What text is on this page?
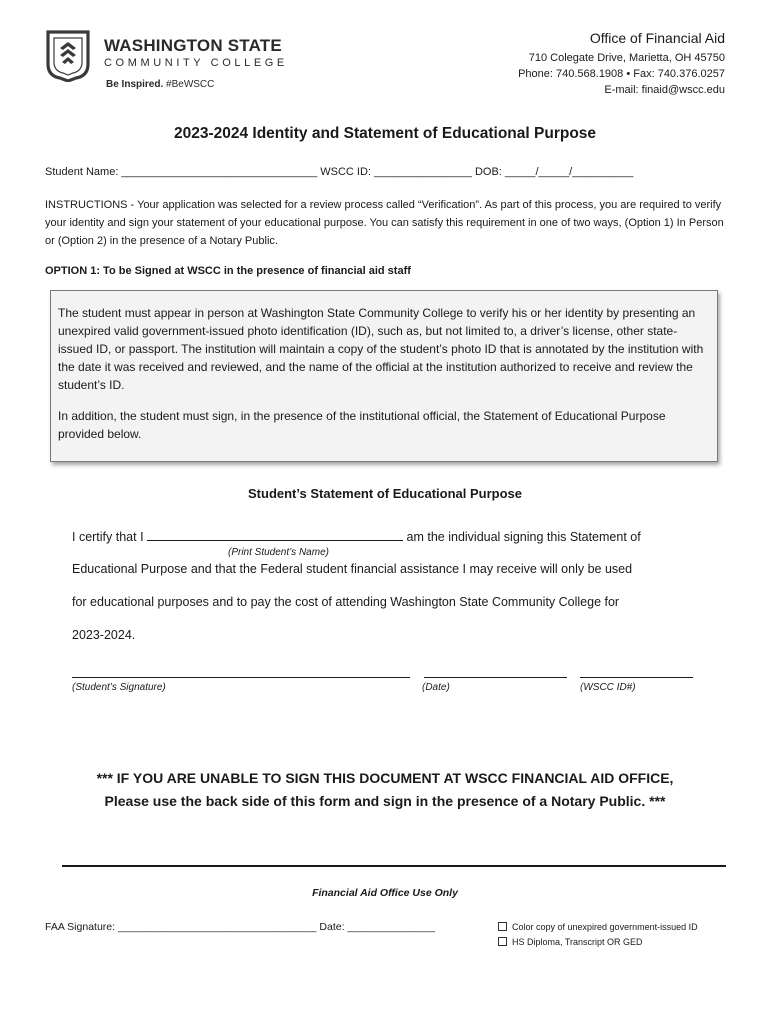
WASHINGTON STATE
COMMUNITY COLLEGE
Be Inspired. #BeWSCC
Office of Financial Aid
710 Colegate Drive, Marietta, OH 45750
Phone: 740.568.1908 • Fax: 740.376.0257
E-mail: finaid@wscc.edu
2023-2024 Identity and Statement of Educational Purpose
Student Name: ________________________________ WSCC ID: ________________ DOB: _____/_____/__________
INSTRUCTIONS - Your application was selected for a review process called “Verification”. As part of this process, you are required to verify your identity and sign your statement of your educational purpose. You can satisfy this requirement in one of two ways, (Option 1) In Person or (Option 2) in the presence of a Notary Public.
OPTION 1: To be Signed at WSCC in the presence of financial aid staff
The student must appear in person at Washington State Community College to verify his or her identity by presenting an unexpired valid government-issued photo identification (ID), such as, but not limited to, a driver’s license, other state-issued ID, or passport. The institution will maintain a copy of the student’s photo ID that is annotated by the institution with the date it was received and reviewed, and the name of the official at the institution authorized to receive and review the student’s ID.
In addition, the student must sign, in the presence of the institutional official, the Statement of Educational Purpose provided below.
Student’s Statement of Educational Purpose
I certify that I	am the individual signing this Statement of
(Print Student’s Name)
Educational Purpose and that the Federal student financial assistance I may receive will only be used
for educational purposes and to pay the cost of attending Washington State Community College for
2023-2024.
(Student’s Signature)	(Date)	(WSCC ID#)
*** IF YOU ARE UNABLE TO SIGN THIS DOCUMENT AT WSCC FINANCIAL AID OFFICE,
Please use the back side of this form and sign in the presence of a Notary Public. ***
Financial Aid Office Use Only
FAA Signature: __________________________________ Date: _______________	Color copy of unexpired government-issued ID
HS Diploma, Transcript OR GED
